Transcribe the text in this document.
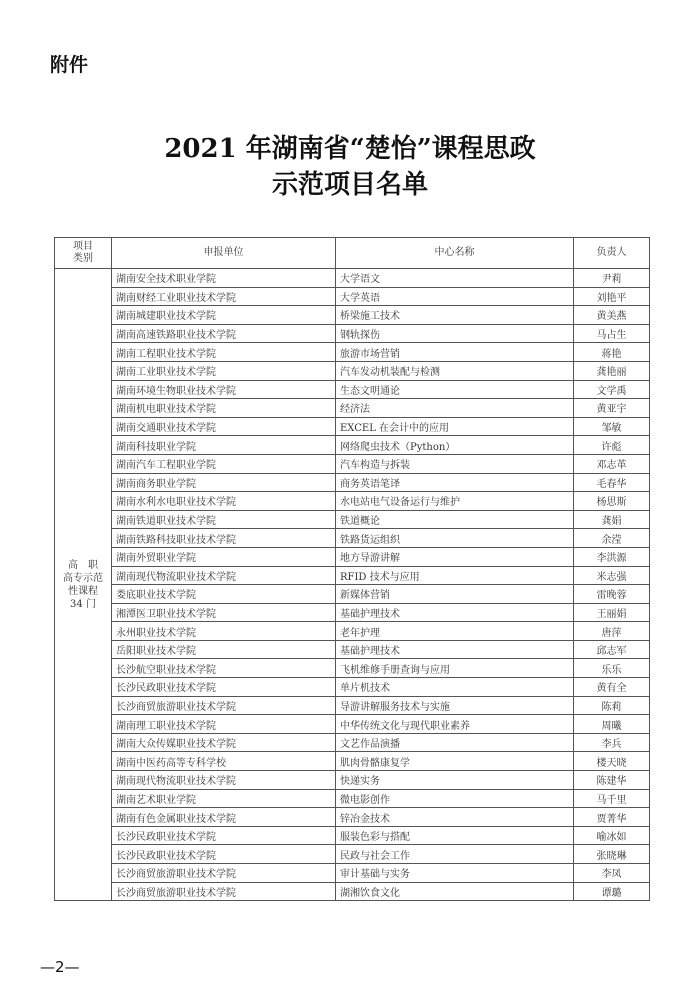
附件
2021 年湖南省“楚怡”课程思政
示范项目名单
项目
类别	申报单位	中心名称	负责人

高　职
高专示范
性课程
34 门	湖南安全技术职业学院	大学语文	尹莉
	湖南财经工业职业技术学院	大学英语	刘艳平
	湖南城建职业技术学院	桥梁施工技术	黄美燕
	湖南高速铁路职业技术学院	钢轨探伤	马占生
	湖南工程职业技术学院	旅游市场营销	蒋艳
	湖南工业职业技术学院	汽车发动机装配与检测	龚艳丽
	湖南环境生物职业技术学院	生态文明通论	文学禹
	湖南机电职业技术学院	经济法	黄亚宇
	湖南交通职业技术学院	EXCEL 在会计中的应用	邹敏
	湖南科技职业学院	网络爬虫技术（Python）	许彪
	湖南汽车工程职业学院	汽车构造与拆装	邓志革
	湖南商务职业学院	商务英语笔译	毛春华
	湖南水利水电职业技术学院	水电站电气设备运行与维护	杨思斯
	湖南铁道职业技术学院	铁道概论	龚娟
	湖南铁路科技职业技术学院	铁路货运组织	余滢
	湖南外贸职业学院	地方导游讲解	李洪源
	湖南现代物流职业技术学院	RFID 技术与应用	米志强
	娄底职业技术学院	新媒体营销	雷晚蓉
	湘潭医卫职业技术学院	基础护理技术	王丽娟
	永州职业技术学院	老年护理	唐萍
	岳阳职业技术学院	基础护理技术	邱志军
	长沙航空职业技术学院	飞机维修手册查询与应用	乐乐
	长沙民政职业技术学院	单片机技术	黄有全
	长沙商贸旅游职业技术学院	导游讲解服务技术与实施	陈莉
	湖南理工职业技术学院	中华传统文化与现代职业素养	周曦
	湖南大众传媒职业技术学院	文艺作品演播	李兵
	湖南中医药高等专科学校	肌肉骨骼康复学	楼天晓
	湖南现代物流职业技术学院	快递实务	陈建华
	湖南艺术职业学院	微电影创作	马千里
	湖南有色金属职业技术学院	锌冶金技术	贾菁华
	长沙民政职业技术学院	服装色彩与搭配	喻冰如
	长沙民政职业技术学院	民政与社会工作	张晓琳
	长沙商贸旅游职业技术学院	审计基础与实务	李凤
	长沙商贸旅游职业技术学院	湖湘饮食文化	谭璐
—2—
